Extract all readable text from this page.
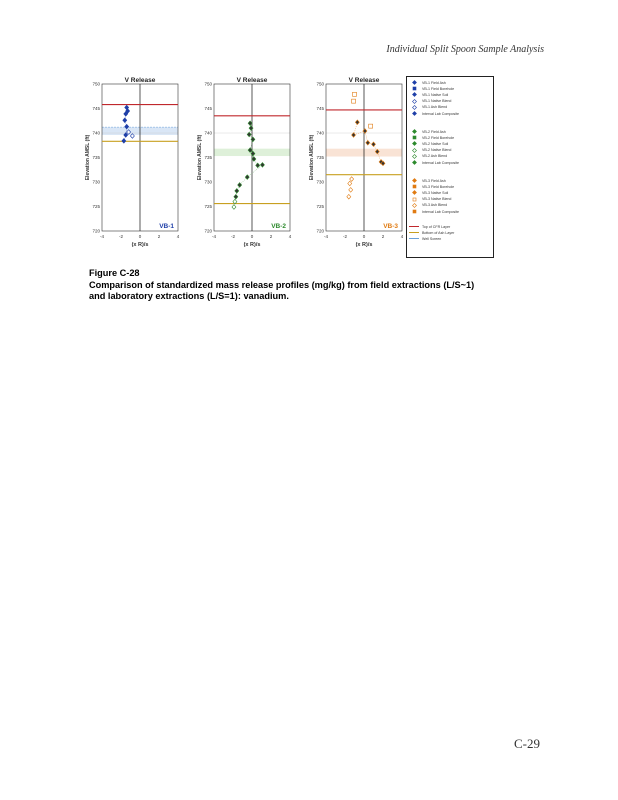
Individual Split Spoon Sample Analysis
V Release
720
725
730
735
740
745
750
-4	-2	0	2	4
(x R)/s
Elevation AMSL (ft)
VB-1
V Release
720
725
730
735
740
745
750
-4	-2	0	2	4
(x R)/s
Elevation AMSL (ft)
VB-2
V Release
720
725
730
735
740
745
750
-4	-2	0	2	4
(x R)/s
Elevation AMSL (ft)
VB-3
VB-1 Field Ash
VB-1 Field Borehole
VB-1 Native Soil
VB-1 Native Blend
VB-1 Ash Blend
Interval Lab Composite
VB-2 Field Ash
VB-2 Field Borehole
VB-2 Native Soil
VB-2 Native Blend
VB-2 Ash Blend
Interval Lab Composite
VB-3 Field Ash
VB-3 Field Borehole
VB-3 Native Soil
VB-3 Native Blend
VB-3 Ash Blend
Interval Lab Composite
Top of CFR Layer
Bottom of Ash Layer
Well Screen
Figure C-28
Comparison of standardized mass release profiles (mg/kg) from field extractions (L/S~1)
and laboratory extractions (L/S=1): vanadium.
C-29
